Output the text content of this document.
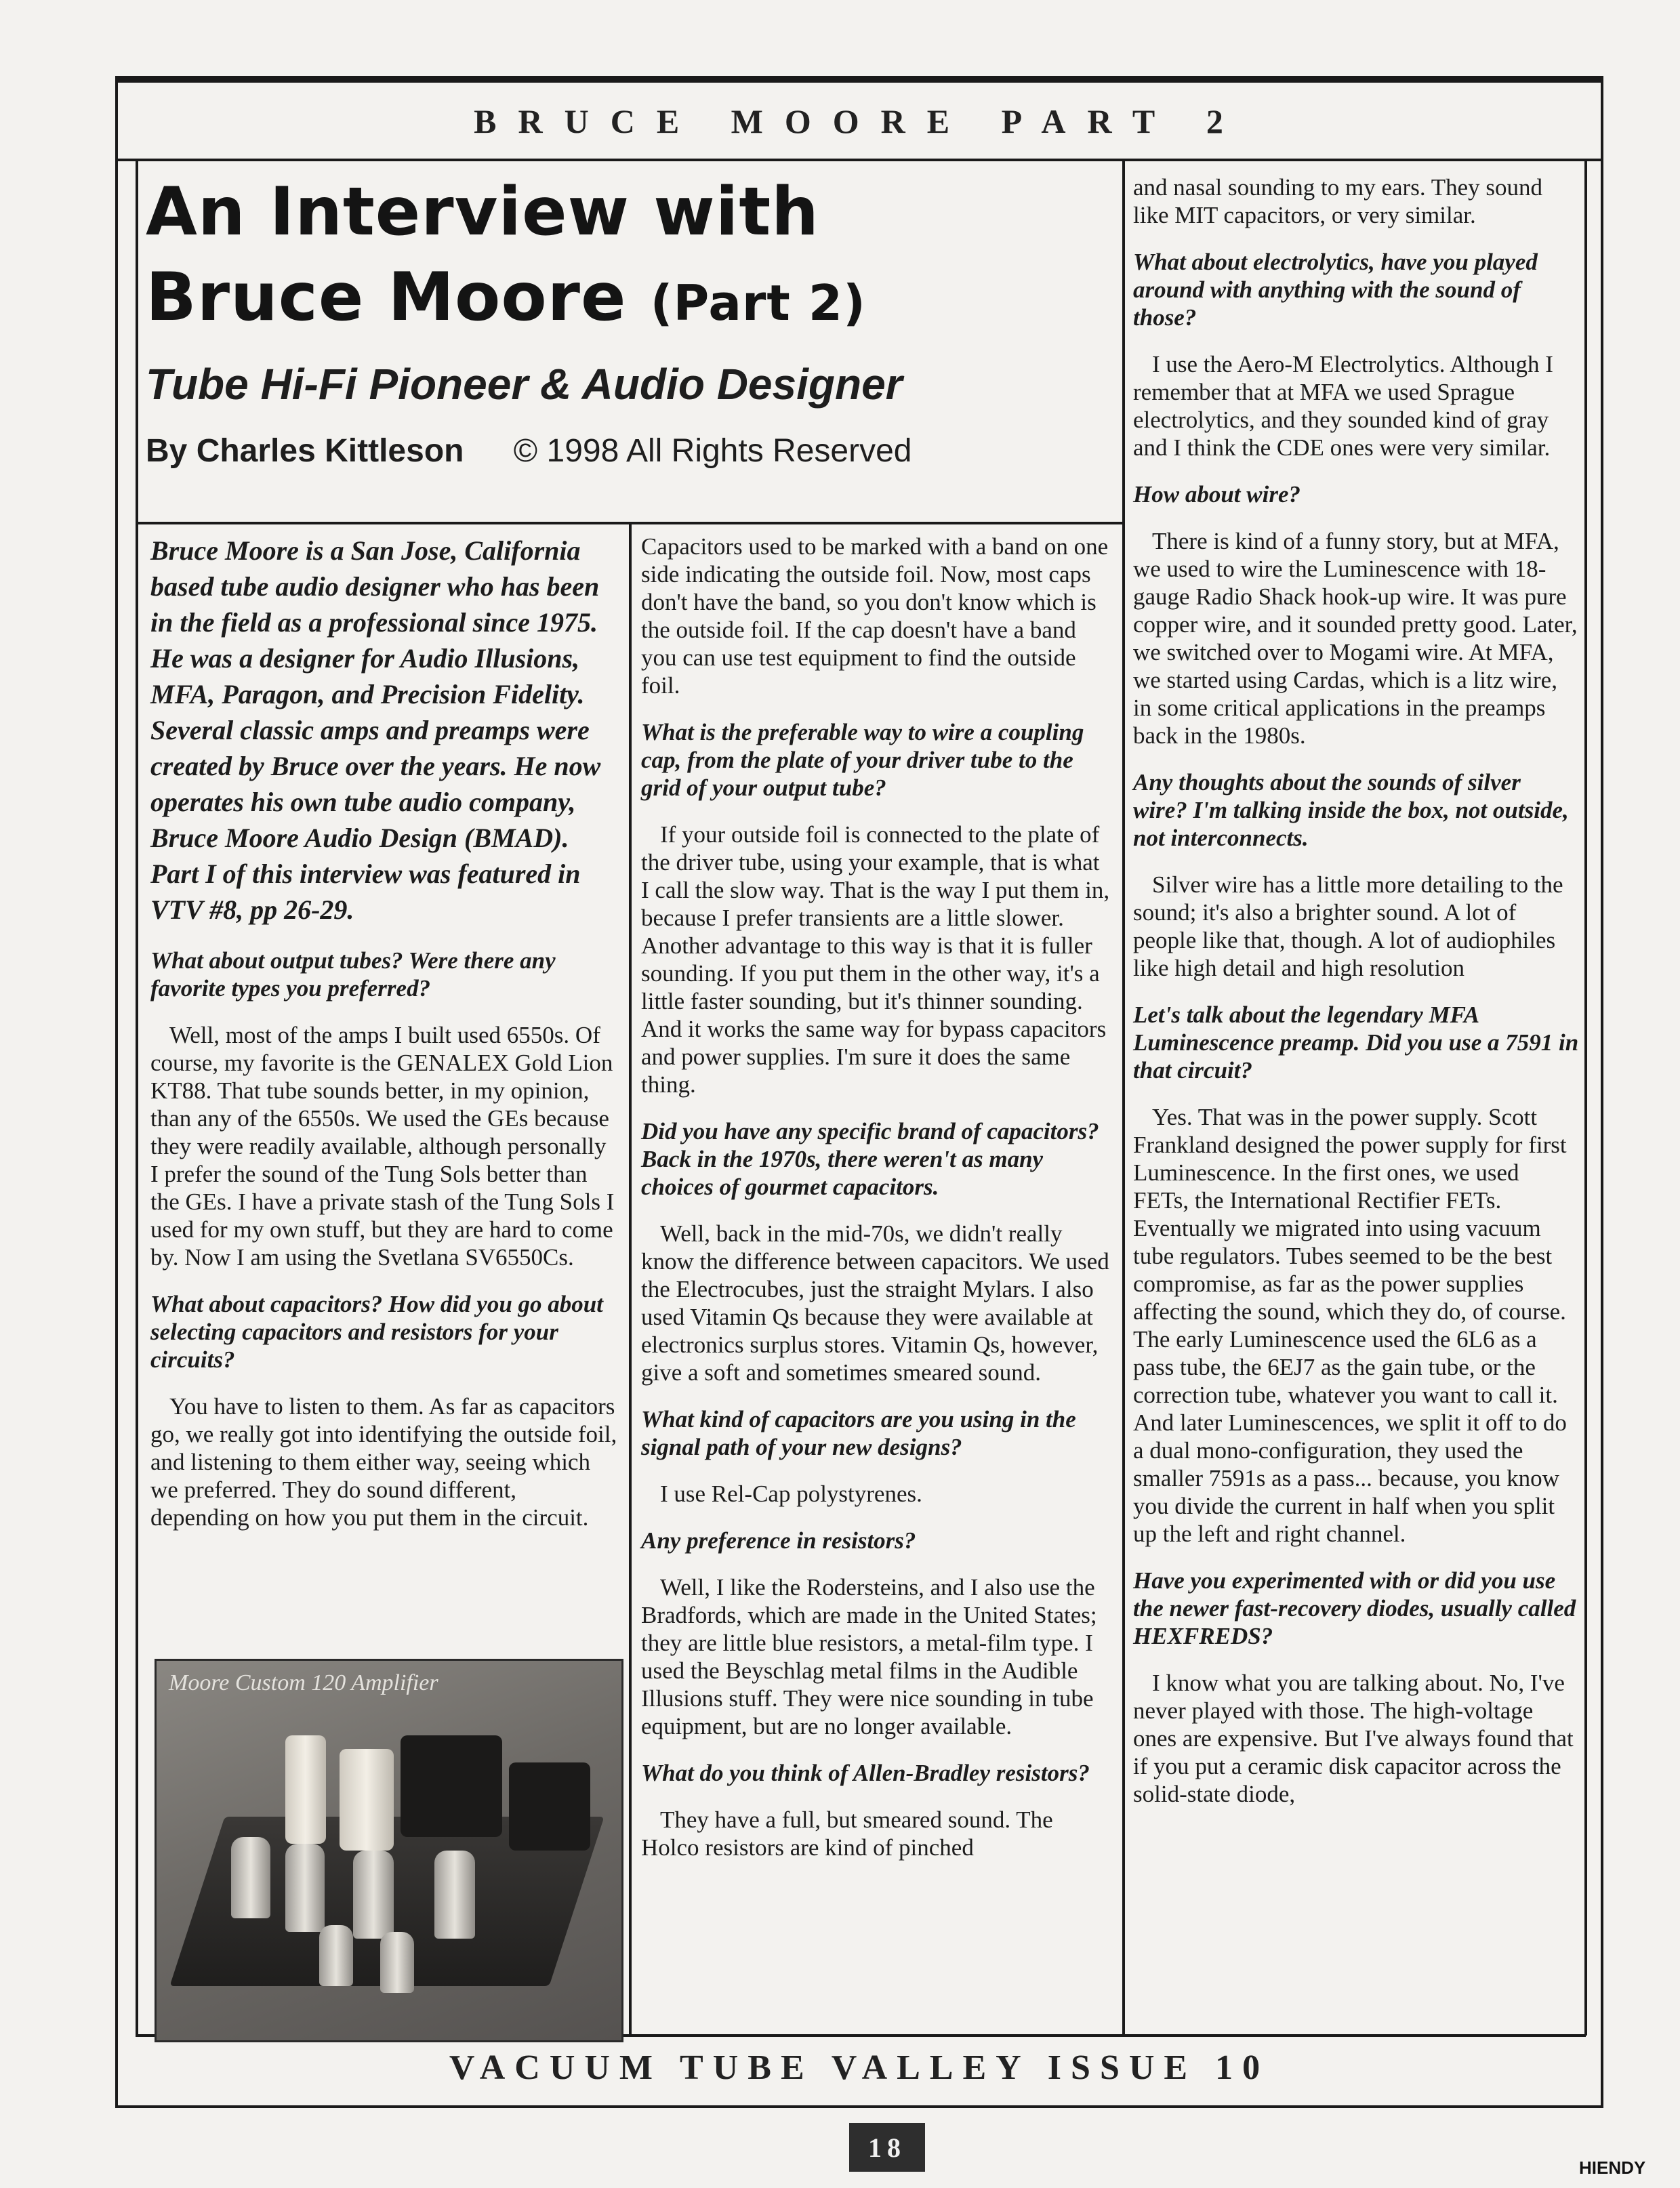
BRUCE MOORE PART 2
An Interview with
Bruce Moore (Part 2)
Tube Hi-Fi Pioneer & Audio Designer
By Charles Kittleson © 1998 All Rights Reserved

Bruce Moore is a San Jose, California based tube audio designer who has been in the field as a professional since 1975. He was a designer for Audio Illusions, MFA, Paragon, and Precision Fidelity. Several classic amps and preamps were created by Bruce over the years. He now operates his own tube audio company, Bruce Moore Audio Design (BMAD). Part I of this interview was featured in VTV #8, pp 26-29.

What about output tubes? Were there any favorite types you preferred?

Well, most of the amps I built used 6550s. Of course, my favorite is the GENALEX Gold Lion KT88. That tube sounds better, in my opinion, than any of the 6550s. We used the GEs because they were readily available, although personally I prefer the sound of the Tung Sols better than the GEs. I have a private stash of the Tung Sols I used for my own stuff, but they are hard to come by. Now I am using the Svetlana SV6550Cs.

What about capacitors? How did you go about selecting capacitors and resistors for your circuits?

You have to listen to them. As far as capacitors go, we really got into identifying the outside foil, and listening to them either way, seeing which we preferred. They do sound different, depending on how you put them in the circuit.

Moore Custom 120 Amplifier

Capacitors used to be marked with a band on one side indicating the outside foil. Now, most caps don't have the band, so you don't know which is the outside foil. If the cap doesn't have a band you can use test equipment to find the outside foil.

What is the preferable way to wire a coupling cap, from the plate of your driver tube to the grid of your output tube?

If your outside foil is connected to the plate of the driver tube, using your example, that is what I call the slow way. That is the way I put them in, because I prefer transients are a little slower. Another advantage to this way is that it is fuller sounding. If you put them in the other way, it's a little faster sounding, but it's thinner sounding. And it works the same way for bypass capacitors and power supplies. I'm sure it does the same thing.

Did you have any specific brand of capacitors? Back in the 1970s, there weren't as many choices of gourmet capacitors.

Well, back in the mid-70s, we didn't really know the difference between capacitors. We used the Electrocubes, just the straight Mylars. I also used Vitamin Qs because they were available at electronics surplus stores. Vitamin Qs, however, give a soft and sometimes smeared sound.

What kind of capacitors are you using in the signal path of your new designs?

I use Rel-Cap polystyrenes.

Any preference in resistors?

Well, I like the Rodersteins, and I also use the Bradfords, which are made in the United States; they are little blue resistors, a metal-film type. I used the Beyschlag metal films in the Audible Illusions stuff. They were nice sounding in tube equipment, but are no longer available.

What do you think of Allen-Bradley resistors?

They have a full, but smeared sound. The Holco resistors are kind of pinched

and nasal sounding to my ears. They sound like MIT capacitors, or very similar.

What about electrolytics, have you played around with anything with the sound of those?

I use the Aero-M Electrolytics. Although I remember that at MFA we used Sprague electrolytics, and they sounded kind of gray and I think the CDE ones were very similar.

How about wire?

There is kind of a funny story, but at MFA, we used to wire the Luminescence with 18-gauge Radio Shack hook-up wire. It was pure copper wire, and it sounded pretty good. Later, we switched over to Mogami wire. At MFA, we started using Cardas, which is a litz wire, in some critical applications in the preamps back in the 1980s.

Any thoughts about the sounds of silver wire? I'm talking inside the box, not outside, not interconnects.

Silver wire has a little more detailing to the sound; it's also a brighter sound. A lot of people like that, though. A lot of audiophiles like high detail and high resolution

Let's talk about the legendary MFA Luminescence preamp. Did you use a 7591 in that circuit?

Yes. That was in the power supply. Scott Frankland designed the power supply for first Luminescence. In the first ones, we used FETs, the International Rectifier FETs. Eventually we migrated into using vacuum tube regulators. Tubes seemed to be the best compromise, as far as the power supplies affecting the sound, which they do, of course. The early Luminescence used the 6L6 as a pass tube, the 6EJ7 as the gain tube, or the correction tube, whatever you want to call it. And later Luminescences, we split it off to do a dual mono-configuration, they used the smaller 7591s as a pass... because, you know you divide the current in half when you split up the left and right channel.

Have you experimented with or did you use the newer fast-recovery diodes, usually called HEXFREDS?

I know what you are talking about. No, I've never played with those. The high-voltage ones are expensive. But I've always found that if you put a ceramic disk capacitor across the solid-state diode,

VACUUM TUBE VALLEY ISSUE 10
18
HIENDY
